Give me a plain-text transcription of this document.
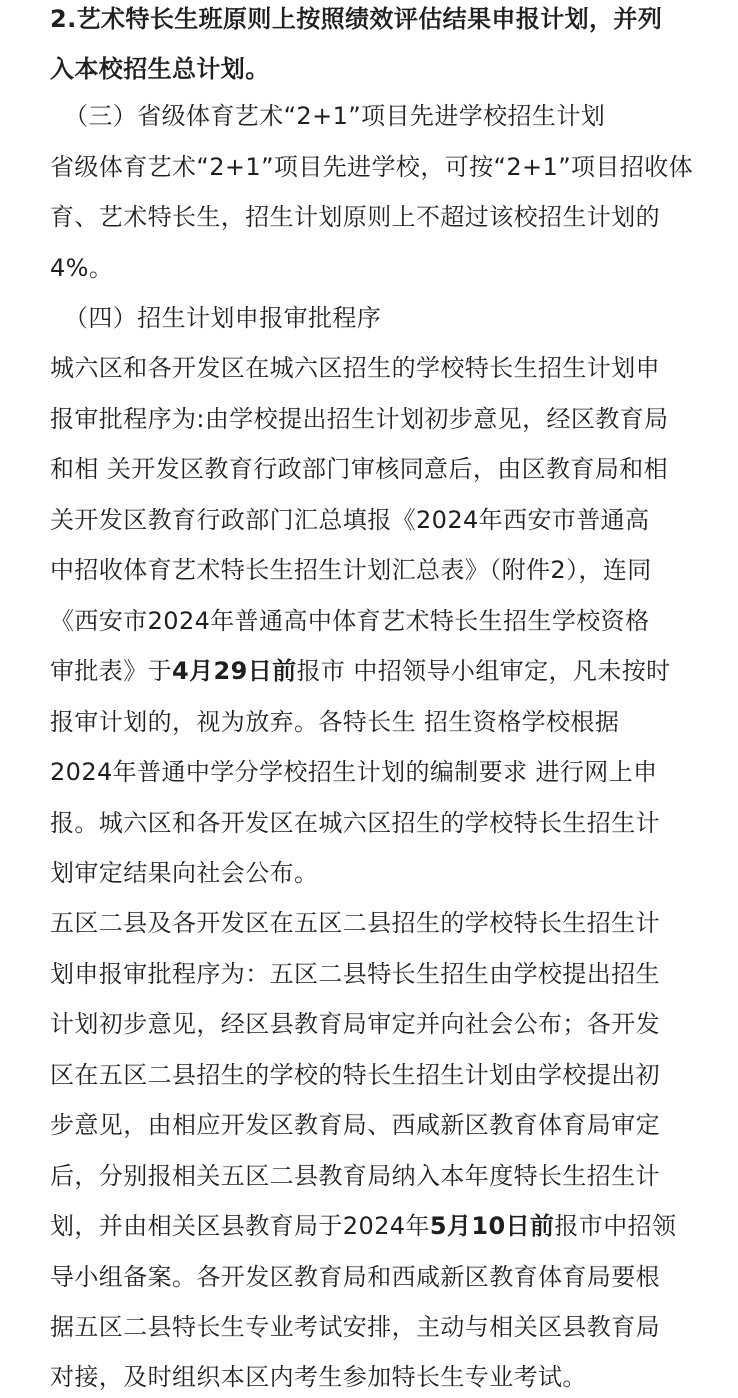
2.艺术特长生班原则上按照绩效评估结果申报计划，并列
入本校招生总计划。
（三）省级体育艺术“2+1”项目先进学校招生计划
省级体育艺术“2+1”项目先进学校，可按“2+1”项目招收体
育、艺术特长生，招生计划原则上不超过该校招生计划的
4%。
（四）招生计划申报审批程序
城六区和各开发区在城六区招生的学校特长生招生计划申
报审批程序为:由学校提出招生计划初步意见，经区教育局
和相 关开发区教育行政部门审核同意后，由区教育局和相
关开发区教育行政部门汇总填报《2024年西安市普通高
中招收体育艺术特长生招生计划汇总表》（附件2），连同
《西安市2024年普通高中体育艺术特长生招生学校资格
审批表》于4月29日前报市 中招领导小组审定，凡未按时
报审计划的，视为放弃。各特长生 招生资格学校根据
2024年普通中学分学校招生计划的编制要求 进行网上申
报。城六区和各开发区在城六区招生的学校特长生招生计
划审定结果向社会公布。
五区二县及各开发区在五区二县招生的学校特长生招生计
划申报审批程序为：五区二县特长生招生由学校提出招生
计划初步意见，经区县教育局审定并向社会公布；各开发
区在五区二县招生的学校的特长生招生计划由学校提出初
步意见，由相应开发区教育局、西咸新区教育体育局审定
后，分别报相关五区二县教育局纳入本年度特长生招生计
划，并由相关区县教育局于2024年5月10日前报市中招领
导小组备案。各开发区教育局和西咸新区教育体育局要根
据五区二县特长生专业考试安排，主动与相关区县教育局
对接，及时组织本区内考生参加特长生专业考试。
